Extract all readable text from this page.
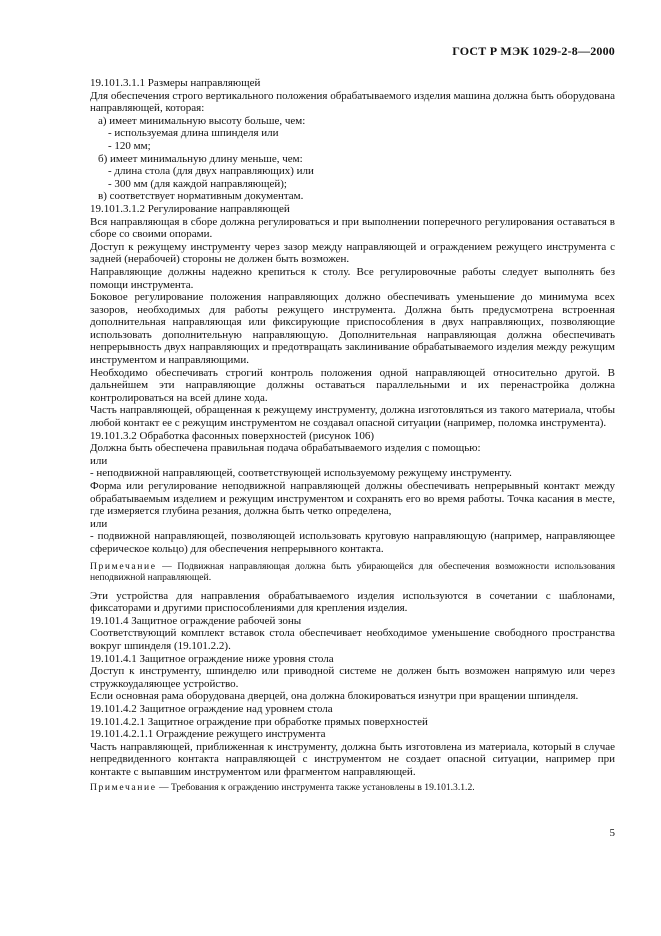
ГОСТ Р МЭК 1029-2-8—2000

19.101.3.1.1 Размеры направляющей

Для обеспечения строго вертикального положения обрабатываемого изделия машина должна быть оборудована направляющей, которая:

а) имеет минимальную высоту больше, чем:

- используемая длина шпинделя или

- 120 мм;

б) имеет минимальную длину меньше, чем:

- длина стола (для двух направляющих) или

- 300 мм (для каждой направляющей);

в) соответствует нормативным документам.

19.101.3.1.2 Регулирование направляющей

Вся направляющая в сборе должна регулироваться и при выполнении поперечного регулирования оставаться в сборе со своими опорами.

Доступ к режущему инструменту через зазор между направляющей и ограждением режущего инструмента с задней (нерабочей) стороны не должен быть возможен.

Направляющие должны надежно крепиться к столу. Все регулировочные работы следует выполнять без помощи инструмента.

Боковое регулирование положения направляющих должно обеспечивать уменьшение до минимума всех зазоров, необходимых для работы режущего инструмента. Должна быть предусмотрена встроенная дополнительная направляющая или фиксирующие приспособления в двух направляющих, позволяющие использовать дополнительную направляющую. Дополнительная направляющая должна обеспечивать непрерывность двух направляющих и предотвращать заклинивание обрабатываемого изделия между режущим инструментом и направляющими.

Необходимо обеспечивать строгий контроль положения одной направляющей относительно другой. В дальнейшем эти направляющие должны оставаться параллельными и их перенастройка должна контролироваться на всей длине хода.

Часть направляющей, обращенная к режущему инструменту, должна изготовляться из такого материала, чтобы любой контакт ее с режущим инструментом не создавал опасной ситуации (например, поломка инструмента).

19.101.3.2 Обработка фасонных поверхностей (рисунок 106)

Должна быть обеспечена правильная подача обрабатываемого изделия с помощью:

или

- неподвижной направляющей, соответствующей используемому режущему инструменту.

Форма или регулирование неподвижной направляющей должны обеспечивать непрерывный контакт между обрабатываемым изделием и режущим инструментом и сохранять его во время работы. Точка касания в месте, где измеряется глубина резания, должна быть четко определена,

или

- подвижной направляющей, позволяющей использовать круговую направляющую (например, направляющее сферическое кольцо) для обеспечения непрерывного контакта.

Примечание — Подвижная направляющая должна быть убирающейся для обеспечения возможности использования неподвижной направляющей.

Эти устройства для направления обрабатываемого изделия используются в сочетании с шаблонами, фиксаторами и другими приспособлениями для крепления изделия.

19.101.4 Защитное ограждение рабочей зоны

Соответствующий комплект вставок стола обеспечивает необходимое уменьшение свободного пространства вокруг шпинделя (19.101.2.2).

19.101.4.1 Защитное ограждение ниже уровня стола

Доступ к инструменту, шпинделю или приводной системе не должен быть возможен напрямую или через стружкоудаляющее устройство.

Если основная рама оборудована дверцей, она должна блокироваться изнутри при вращении шпинделя.

19.101.4.2 Защитное ограждение над уровнем стола

19.101.4.2.1 Защитное ограждение при обработке прямых поверхностей

19.101.4.2.1.1 Ограждение режущего инструмента

Часть направляющей, приближенная к инструменту, должна быть изготовлена из материала, который в случае непредвиденного контакта направляющей с инструментом не создает опасной ситуации, например при контакте с выпавшим инструментом или фрагментом направляющей.

Примечание — Требования к ограждению инструмента также установлены в 19.101.3.1.2.
5
